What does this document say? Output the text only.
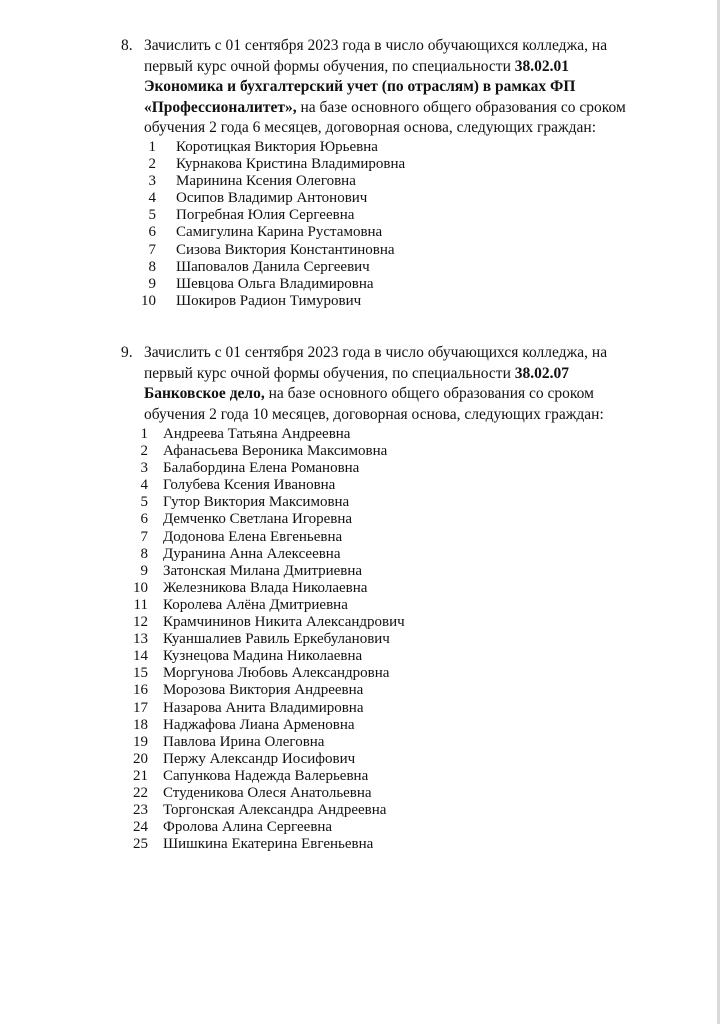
8. Зачислить с 01 сентября 2023 года в число обучающихся колледжа, на
первый курс очной формы обучения, по специальности 38.02.01
Экономика и бухгалтерский учет (по отраслям) в рамках ФП
«Профессионалитет», на базе основного общего образования со сроком
обучения 2 года 6 месяцев, договорная основа, следующих граждан:
1 Коротицкая Виктория Юрьевна
2 Курнакова Кристина Владимировна
3 Маринина Ксения Олеговна
4 Осипов Владимир Антонович
5 Погребная Юлия Сергеевна
6 Самигулина Карина Рустамовна
7 Сизова Виктория Константиновна
8 Шаповалов Данила Сергеевич
9 Шевцова Ольга Владимировна
10 Шокиров Радион Тимурович
9. Зачислить с 01 сентября 2023 года в число обучающихся колледжа, на
первый курс очной формы обучения, по специальности 38.02.07
Банковское дело, на базе основного общего образования со сроком
обучения 2 года 10 месяцев, договорная основа, следующих граждан:
1 Андреева Татьяна Андреевна
2 Афанасьева Вероника Максимовна
3 Балабордина Елена Романовна
4 Голубева Ксения Ивановна
5 Гутор Виктория Максимовна
6 Демченко Светлана Игоревна
7 Додонова Елена Евгеньевна
8 Дуранина Анна Алексеевна
9 Затонская Милана Дмитриевна
10 Железникова Влада Николаевна
11 Королева Алёна Дмитриевна
12 Крамчининов Никита Александрович
13 Куаншалиев Равиль Еркебуланович
14 Кузнецова Мадина Николаевна
15 Моргунова Любовь Александровна
16 Морозова Виктория Андреевна
17 Назарова Анита Владимировна
18 Наджафова Лиана Арменовна
19 Павлова Ирина Олеговна
20 Пержу Александр Иосифович
21 Сапункова Надежда Валерьевна
22 Студеникова Олеся Анатольевна
23 Торгонская Александра Андреевна
24 Фролова Алина Сергеевна
25 Шишкина Екатерина Евгеньевна
